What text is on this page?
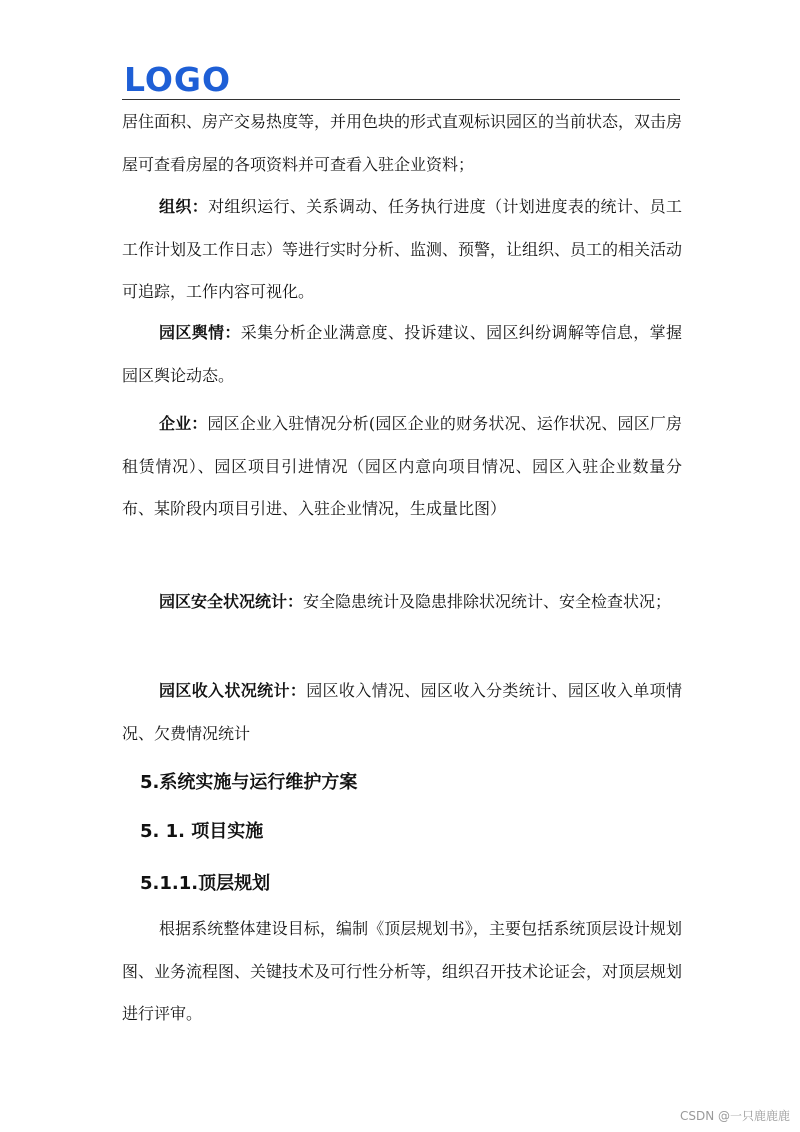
LOGO

居住面积、房产交易热度等，并用色块的形式直观标识园区的当前状态，双击房屋可查看房屋的各项资料并可查看入驻企业资料；

组织：对组织运行、关系调动、任务执行进度（计划进度表的统计、员工工作计划及工作日志）等进行实时分析、监测、预警，让组织、员工的相关活动可追踪，工作内容可视化。

园区舆情：采集分析企业满意度、投诉建议、园区纠纷调解等信息，掌握园区舆论动态。

企业：园区企业入驻情况分析(园区企业的财务状况、运作状况、园区厂房租赁情况）、园区项目引进情况（园区内意向项目情况、园区入驻企业数量分布、某阶段内项目引进、入驻企业情况，生成量比图）

园区安全状况统计：安全隐患统计及隐患排除状况统计、安全检查状况；

园区收入状况统计：园区收入情况、园区收入分类统计、园区收入单项情况、欠费情况统计

5.系统实施与运行维护方案
5. 1. 项目实施
5.1.1.顶层规划

根据系统整体建设目标，编制《顶层规划书》，主要包括系统顶层设计规划图、业务流程图、关键技术及可行性分析等，组织召开技术论证会，对顶层规划进行评审。

CSDN @一只鹿鹿鹿
